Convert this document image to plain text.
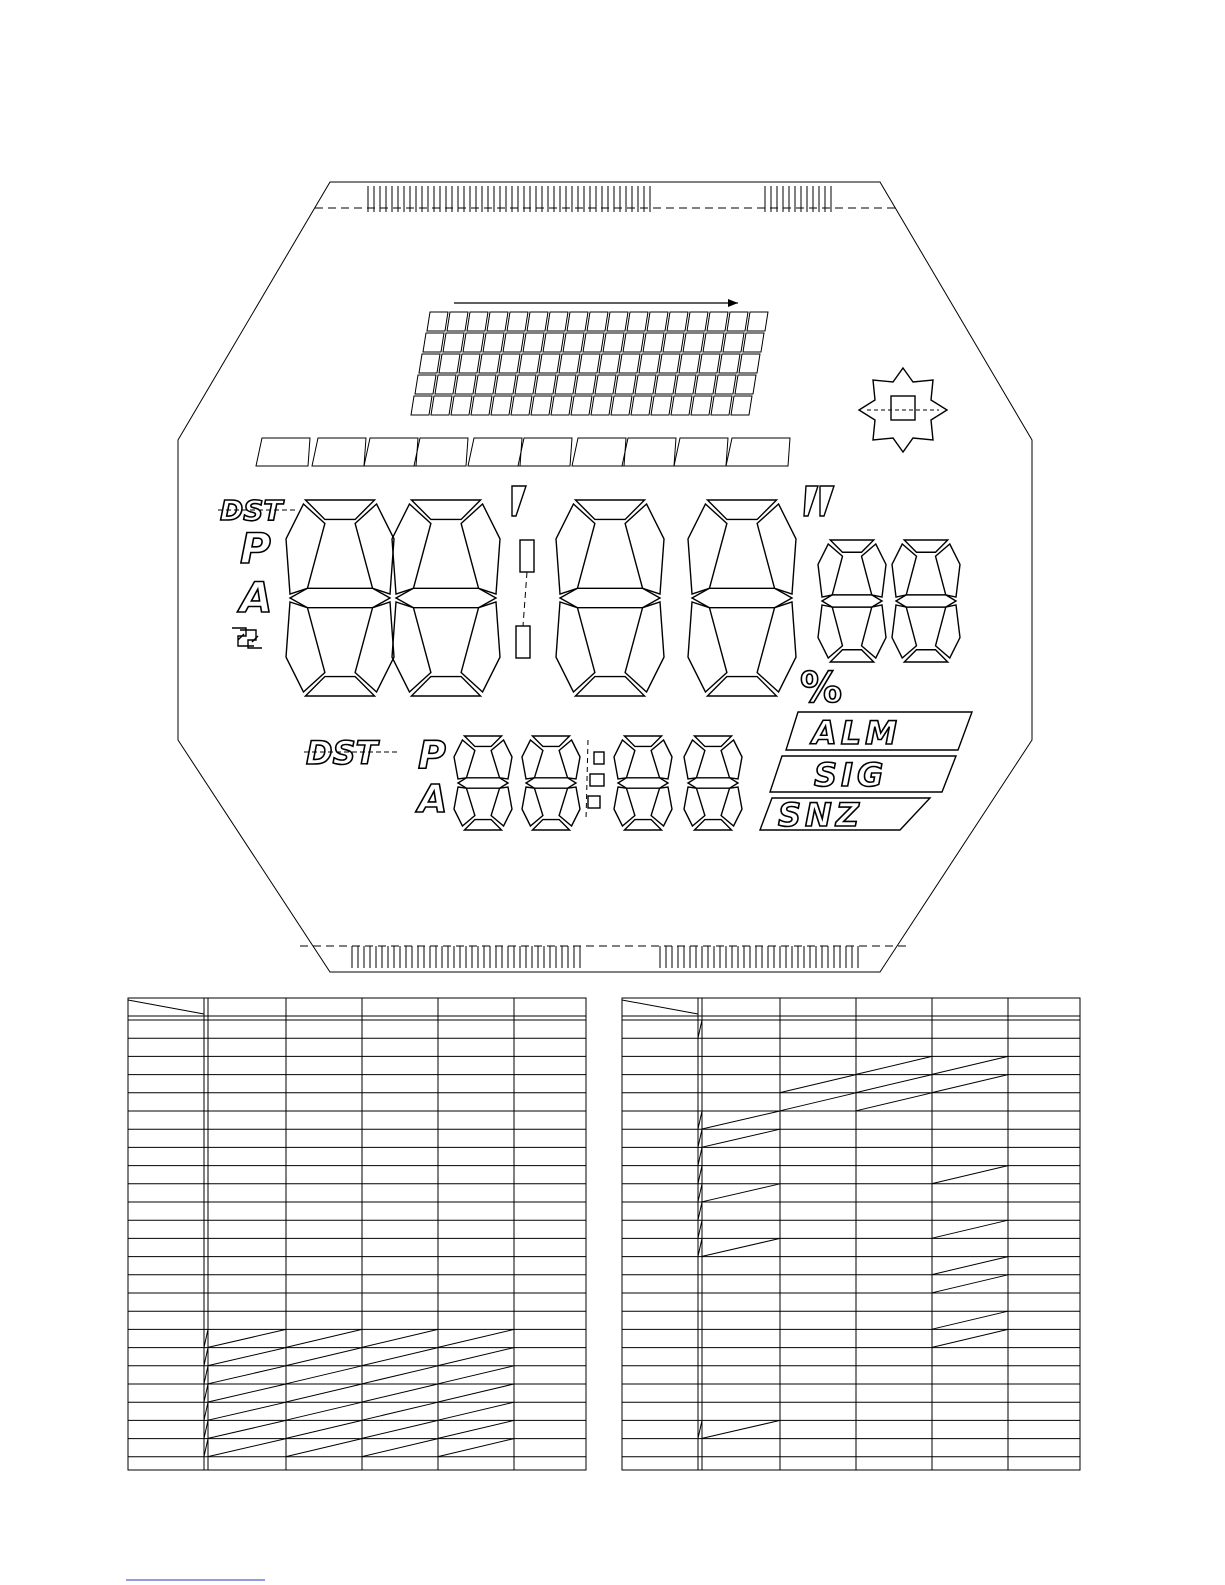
DST
P
A
%
ALM
SIG
SNZ
DST P
A
